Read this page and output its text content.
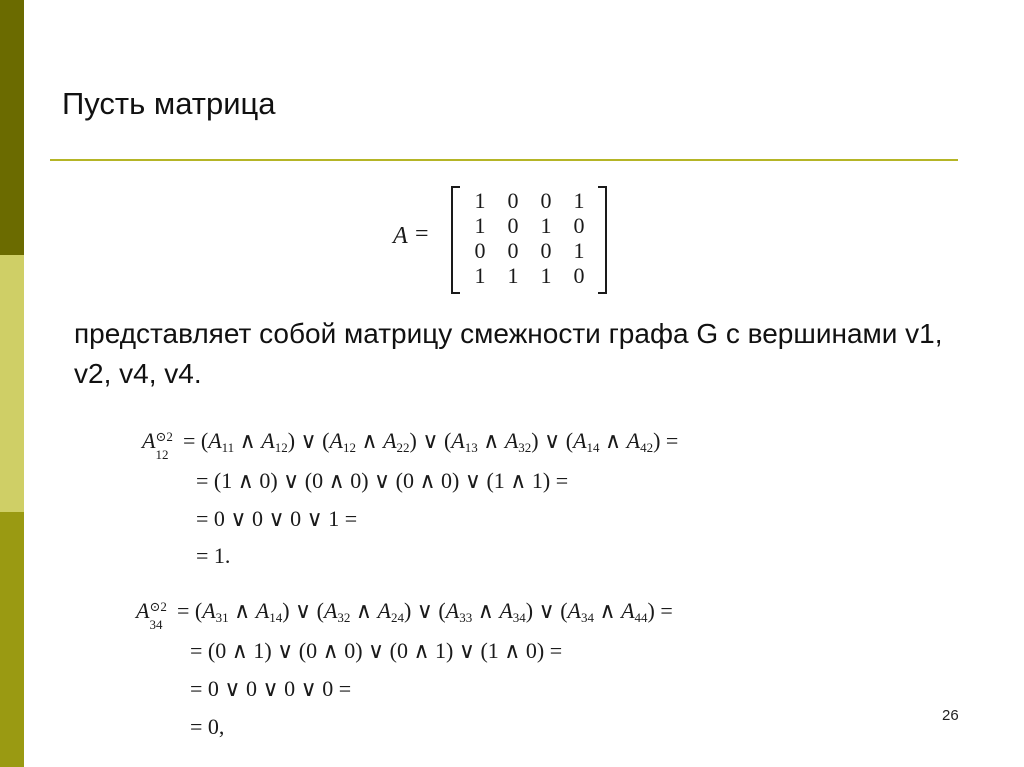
Пусть матрица
A =
1	0	0	1
1	0	1	0
0	0	0	1
1	1	1	0

представляет собой матрицу смежности графа G с вершинами v1, v2, v4, v4.

A ⊙2
12
= ($A_{11}$ ∧ $A_{12}$) ∨ ($A_{12}$ ∧ $A_{22}$) ∨ ($A_{13}$ ∧ $A_{32}$) ∨ ($A_{14}$ ∧ $A_{42}$) =
= (1 ∧ 0) ∨ (0 ∧ 0) ∨ (0 ∧ 0) ∨ (1 ∧ 1) =
= 0 ∨ 0 ∨ 0 ∨ 1 =
= 1.
A ⊙2
34
= ($A_{31}$ ∧ $A_{14}$) ∨ ($A_{32}$ ∧ $A_{24}$) ∨ ($A_{33}$ ∧ $A_{34}$) ∨ ($A_{34}$ ∧ $A_{44}$) =
= (0 ∧ 1) ∨ (0 ∧ 0) ∨ (0 ∧ 1) ∨ (1 ∧ 0) =
= 0 ∨ 0 ∨ 0 ∨ 0 =
= 0,	26
